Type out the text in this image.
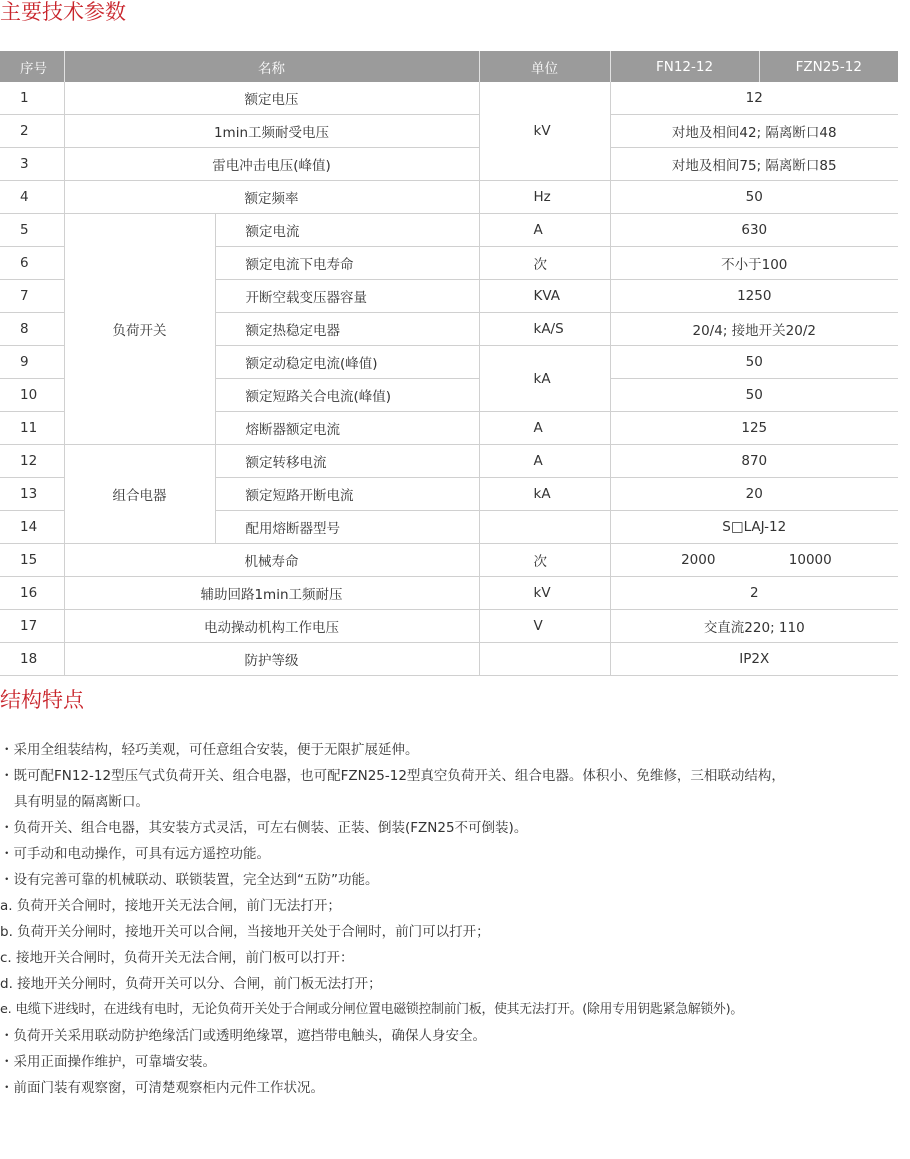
主要技术参数
序号	名称		单位	FN12-12	FZN25-12
1	额定电压		kV	12	
2	1min工频耐受电压			对地及相间42; 隔离断口48	
3	雷电冲击电压(峰值)			对地及相间75; 隔离断口85	
4	额定频率		Hz	50	
5	负荷开关	额定电流	A	630	
6		额定电流下电寿命	次	不小于100	
7		开断空载变压器容量	KVA	1250	
8		额定热稳定电器	kA/S	20/4; 接地开关20/2	
9		额定动稳定电流(峰值)	kA	50	
10		额定短路关合电流(峰值)		50	
11		熔断器额定电流	A	125	
12	组合电器	额定转移电流	A	870	
13		额定短路开断电流	kA	20	
14		配用熔断器型号		S□LAJ-12	
15	机械寿命		次	2000 10000	
16	辅助回路1min工频耐压		kV	2	
17	电动操动机构工作电压		V	交直流220; 110	
18	防护等级			IP2X	
结构特点
・采用全组装结构，轻巧美观，可任意组合安装，便于无限扩展延伸。
・既可配FN12-12型压气式负荷开关、组合电器，也可配FZN25-12型真空负荷开关、组合电器。体积小、免维修，三相联动结构，
具有明显的隔离断口。
・负荷开关、组合电器，其安装方式灵活，可左右侧装、正装、倒装(FZN25不可倒装)。
・可手动和电动操作，可具有远方遥控功能。
・设有完善可靠的机械联动、联锁装置，完全达到“五防”功能。
a. 负荷开关合闸时，接地开关无法合闸，前门无法打开；
b. 负荷开关分闸时，接地开关可以合闸，当接地开关处于合闸时，前门可以打开；
c. 接地开关合闸时，负荷开关无法合闸，前门板可以打开：
d. 接地开关分闸时，负荷开关可以分、合闸，前门板无法打开；
e. 电缆下进线时，在进线有电时，无论负荷开关处于合闸或分闸位置电磁锁控制前门板，使其无法打开。(除用专用钥匙紧急解锁外)。
・负荷开关采用联动防护绝缘活门或透明绝缘罩，遮挡带电触头，确保人身安全。
・采用正面操作维护，可靠墙安装。
・前面门装有观察窗，可清楚观察柜内元件工作状况。
